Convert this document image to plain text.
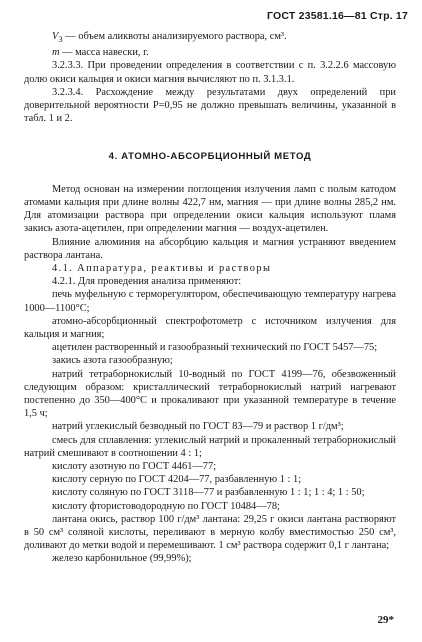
ГОСТ 23581.16—81 Стр. 17

$V_3$ — объем аликвоты анализируемого раствора, см³.

m — масса навески, г.

3.2.3.3. При проведении определения в соответствии с п. 3.2.2.6 массовую долю окиси кальция и окиси магния вычисляют по п. 3.1.3.1.

3.2.3.4. Расхождение между результатами двух определений при доверительной вероятности P=0,95 не должно превышать величины, указанной в табл. 1 и 2.

4. АТОМНО-АБСОРБЦИОННЫЙ МЕТОД

Метод основан на измерении поглощения излучения ламп с полым катодом атомами кальция при длине волны 422,7 нм, магния — при длине волны 285,2 нм. Для атомизации раствора при определении окиси кальция используют пламя закись азота-ацетилен, при определении магния — воздух-ацетилен.

Влияние алюминия на абсорбцию кальция и магния устраняют введением раствора лантана.

4.1. Аппаратура, реактивы и растворы

4.2.1. Для проведения анализа применяют:

печь муфельную с терморегулятором, обеспечивающую температуру нагрева 1000—1100°С;

атомно-абсорбционный спектрофотометр с источником излучения для кальция и магния;

ацетилен растворенный и газообразный технический по ГОСТ 5457—75;

закись азота газообразную;

натрий тетраборнокислый 10-водный по ГОСТ 4199—76, обезвоженный следующим образом: кристаллический тетраборнокислый натрий нагревают постепенно до 350—400°С и прокаливают при указанной температуре в течение 1,5 ч;

натрий углекислый безводный по ГОСТ 83—79 и раствор 1 г/дм³;

смесь для сплавления: углекислый натрий и прокаленный тетраборнокислый натрий смешивают в соотношении 4 : 1;

кислоту азотную по ГОСТ 4461—77;

кислоту серную по ГОСТ 4204—77, разбавленную 1 : 1;

кислоту соляную по ГОСТ 3118—77 и разбавленную 1 : 1; 1 : 4; 1 : 50;

кислоту фтористоводородную по ГОСТ 10484—78;

лантана окись, раствор 100 г/дм³ лантана: 29,25 г окиси лантана растворяют в 50 см³ соляной кислоты, переливают в мерную колбу вместимостью 250 см³, доливают до метки водой и перемешивают. 1 см³ раствора содержит 0,1 г лантана;

железо карбонильное (99,99%);

29*
